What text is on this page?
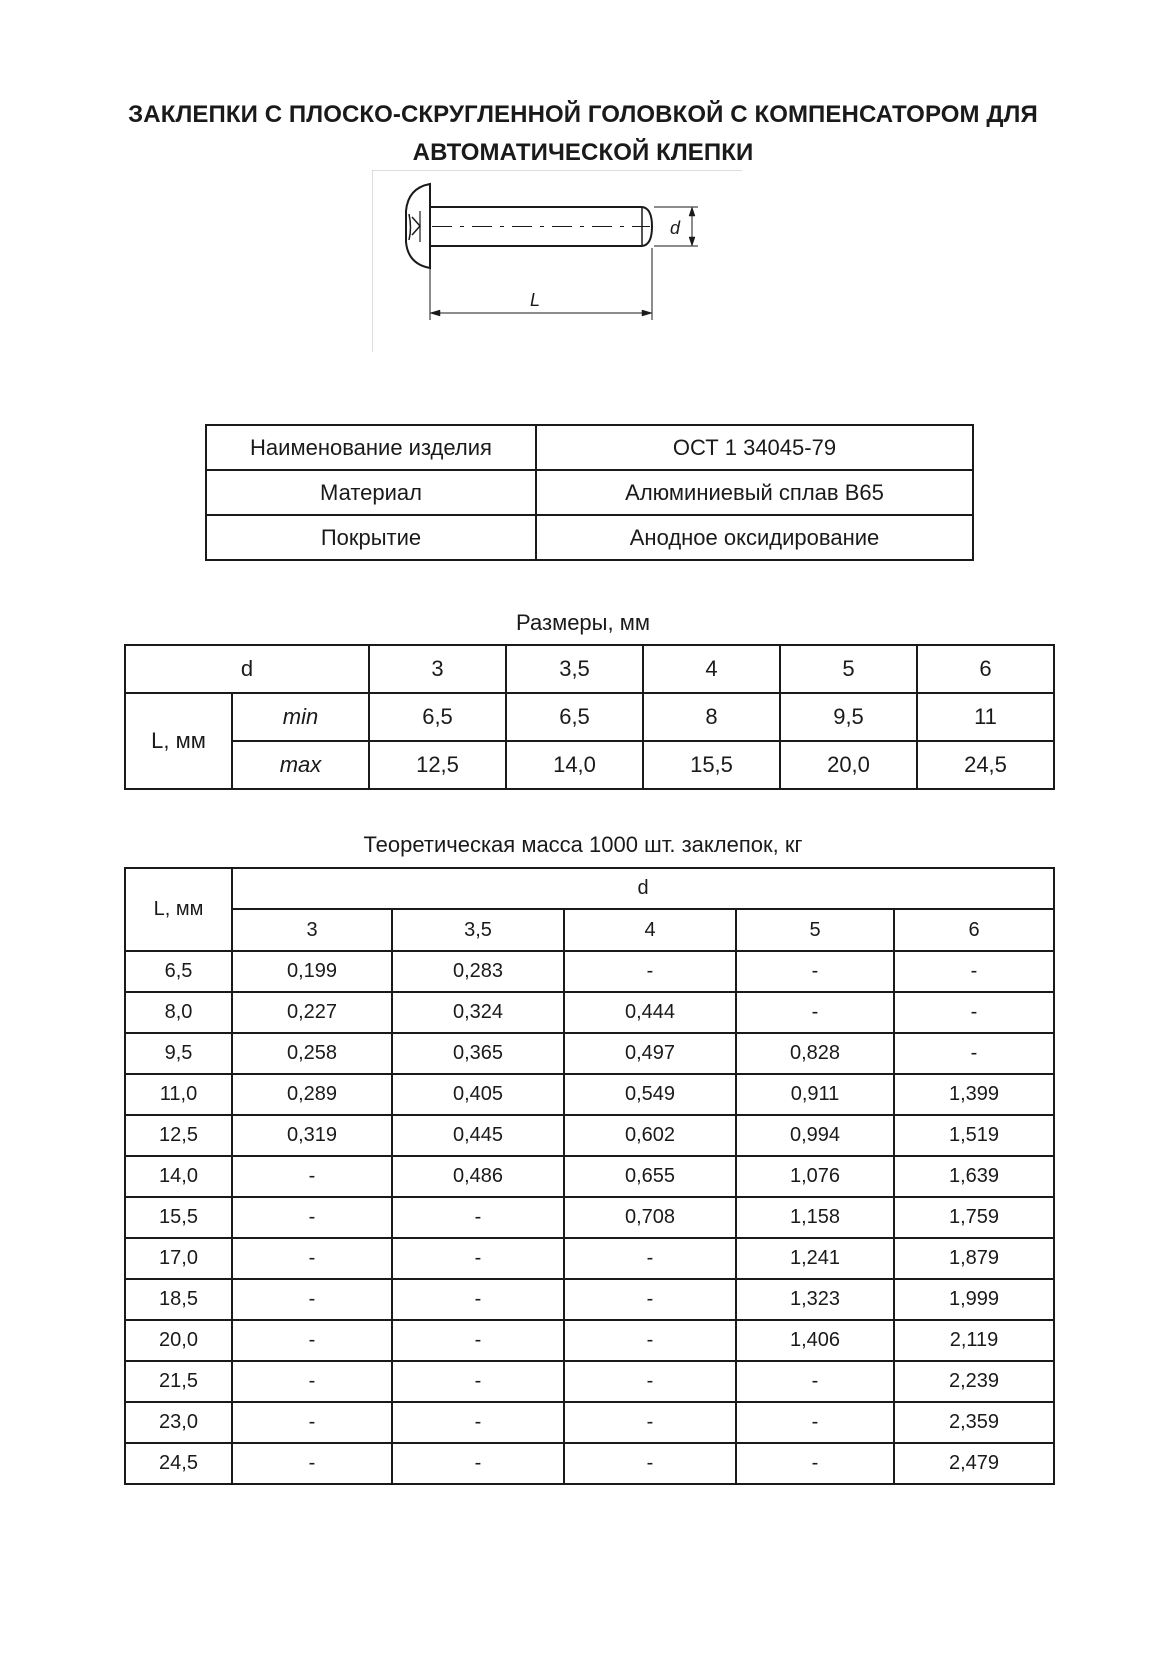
ЗАКЛЕПКИ С ПЛОСКО-СКРУГЛЕННОЙ ГОЛОВКОЙ С КОМПЕНСАТОРОМ ДЛЯ
АВТОМАТИЧЕСКОЙ КЛЕПКИ
d
L
Наименование изделия	ОСТ 1 34045-79
Материал	Алюминиевый сплав В65
Покрытие	Анодное оксидирование
Размеры, мм
d		3	3,5	4	5	6
L, мм	min	6,5	6,5	8	9,5	11
	max	12,5	14,0	15,5	20,0	24,5
Теоретическая масса 1000 шт. заклепок, кг
L, мм	d				
	3	3,5	4	5	6
6,5	0,199	0,283	-	-	-
8,0	0,227	0,324	0,444	-	-
9,5	0,258	0,365	0,497	0,828	-
11,0	0,289	0,405	0,549	0,911	1,399
12,5	0,319	0,445	0,602	0,994	1,519
14,0	-	0,486	0,655	1,076	1,639
15,5	-	-	0,708	1,158	1,759
17,0	-	-	-	1,241	1,879
18,5	-	-	-	1,323	1,999
20,0	-	-	-	1,406	2,119
21,5	-	-	-	-	2,239
23,0	-	-	-	-	2,359
24,5	-	-	-	-	2,479
